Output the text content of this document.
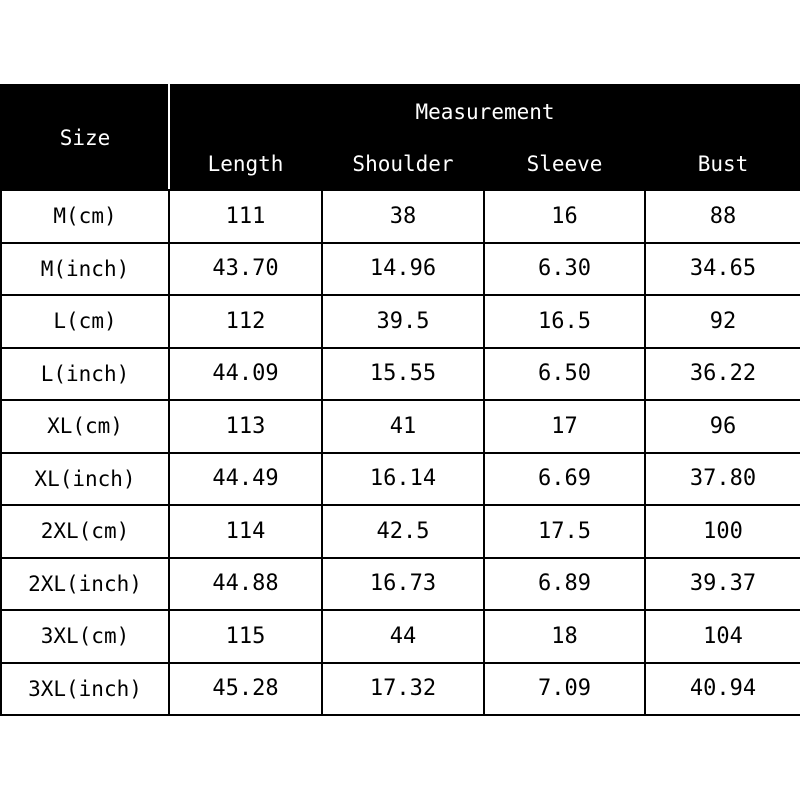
Size	Measurement			
	Length	Shoulder	Sleeve	Bust
M(cm)	111	38	16	88
M(inch)	43.70	14.96	6.30	34.65
L(cm)	112	39.5	16.5	92
L(inch)	44.09	15.55	6.50	36.22
XL(cm)	113	41	17	96
XL(inch)	44.49	16.14	6.69	37.80
2XL(cm)	114	42.5	17.5	100
2XL(inch)	44.88	16.73	6.89	39.37
3XL(cm)	115	44	18	104
3XL(inch)	45.28	17.32	7.09	40.94
